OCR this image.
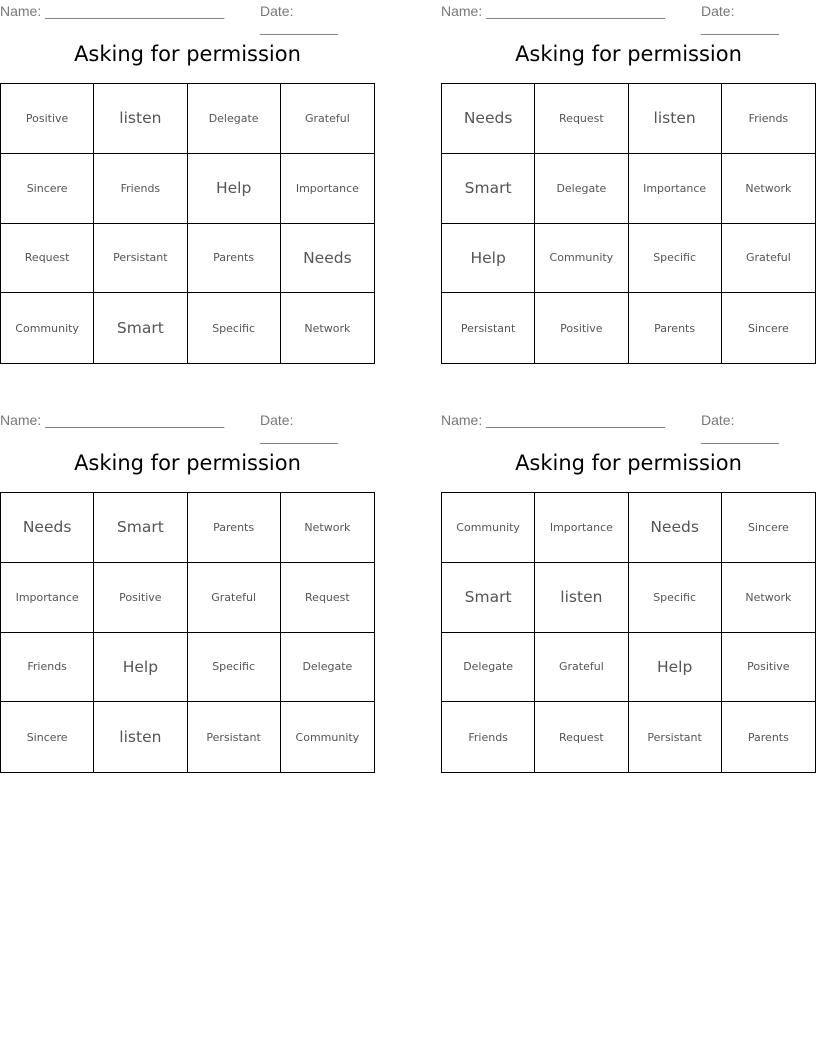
Name: _______________________	Date: __________
Asking for permission
Positive	listen	Delegate	Grateful
Sincere	Friends	Help	Importance
Request	Persistant	Parents	Needs
Community	Smart	Specific	Network
Name: _______________________	Date: __________
Asking for permission
Needs	Request	listen	Friends
Smart	Delegate	Importance	Network
Help	Community	Specific	Grateful
Persistant	Positive	Parents	Sincere
Name: _______________________	Date: __________
Asking for permission
Needs	Smart	Parents	Network
Importance	Positive	Grateful	Request
Friends	Help	Specific	Delegate
Sincere	listen	Persistant	Community
Name: _______________________	Date: __________
Asking for permission
Community	Importance	Needs	Sincere
Smart	listen	Specific	Network
Delegate	Grateful	Help	Positive
Friends	Request	Persistant	Parents
